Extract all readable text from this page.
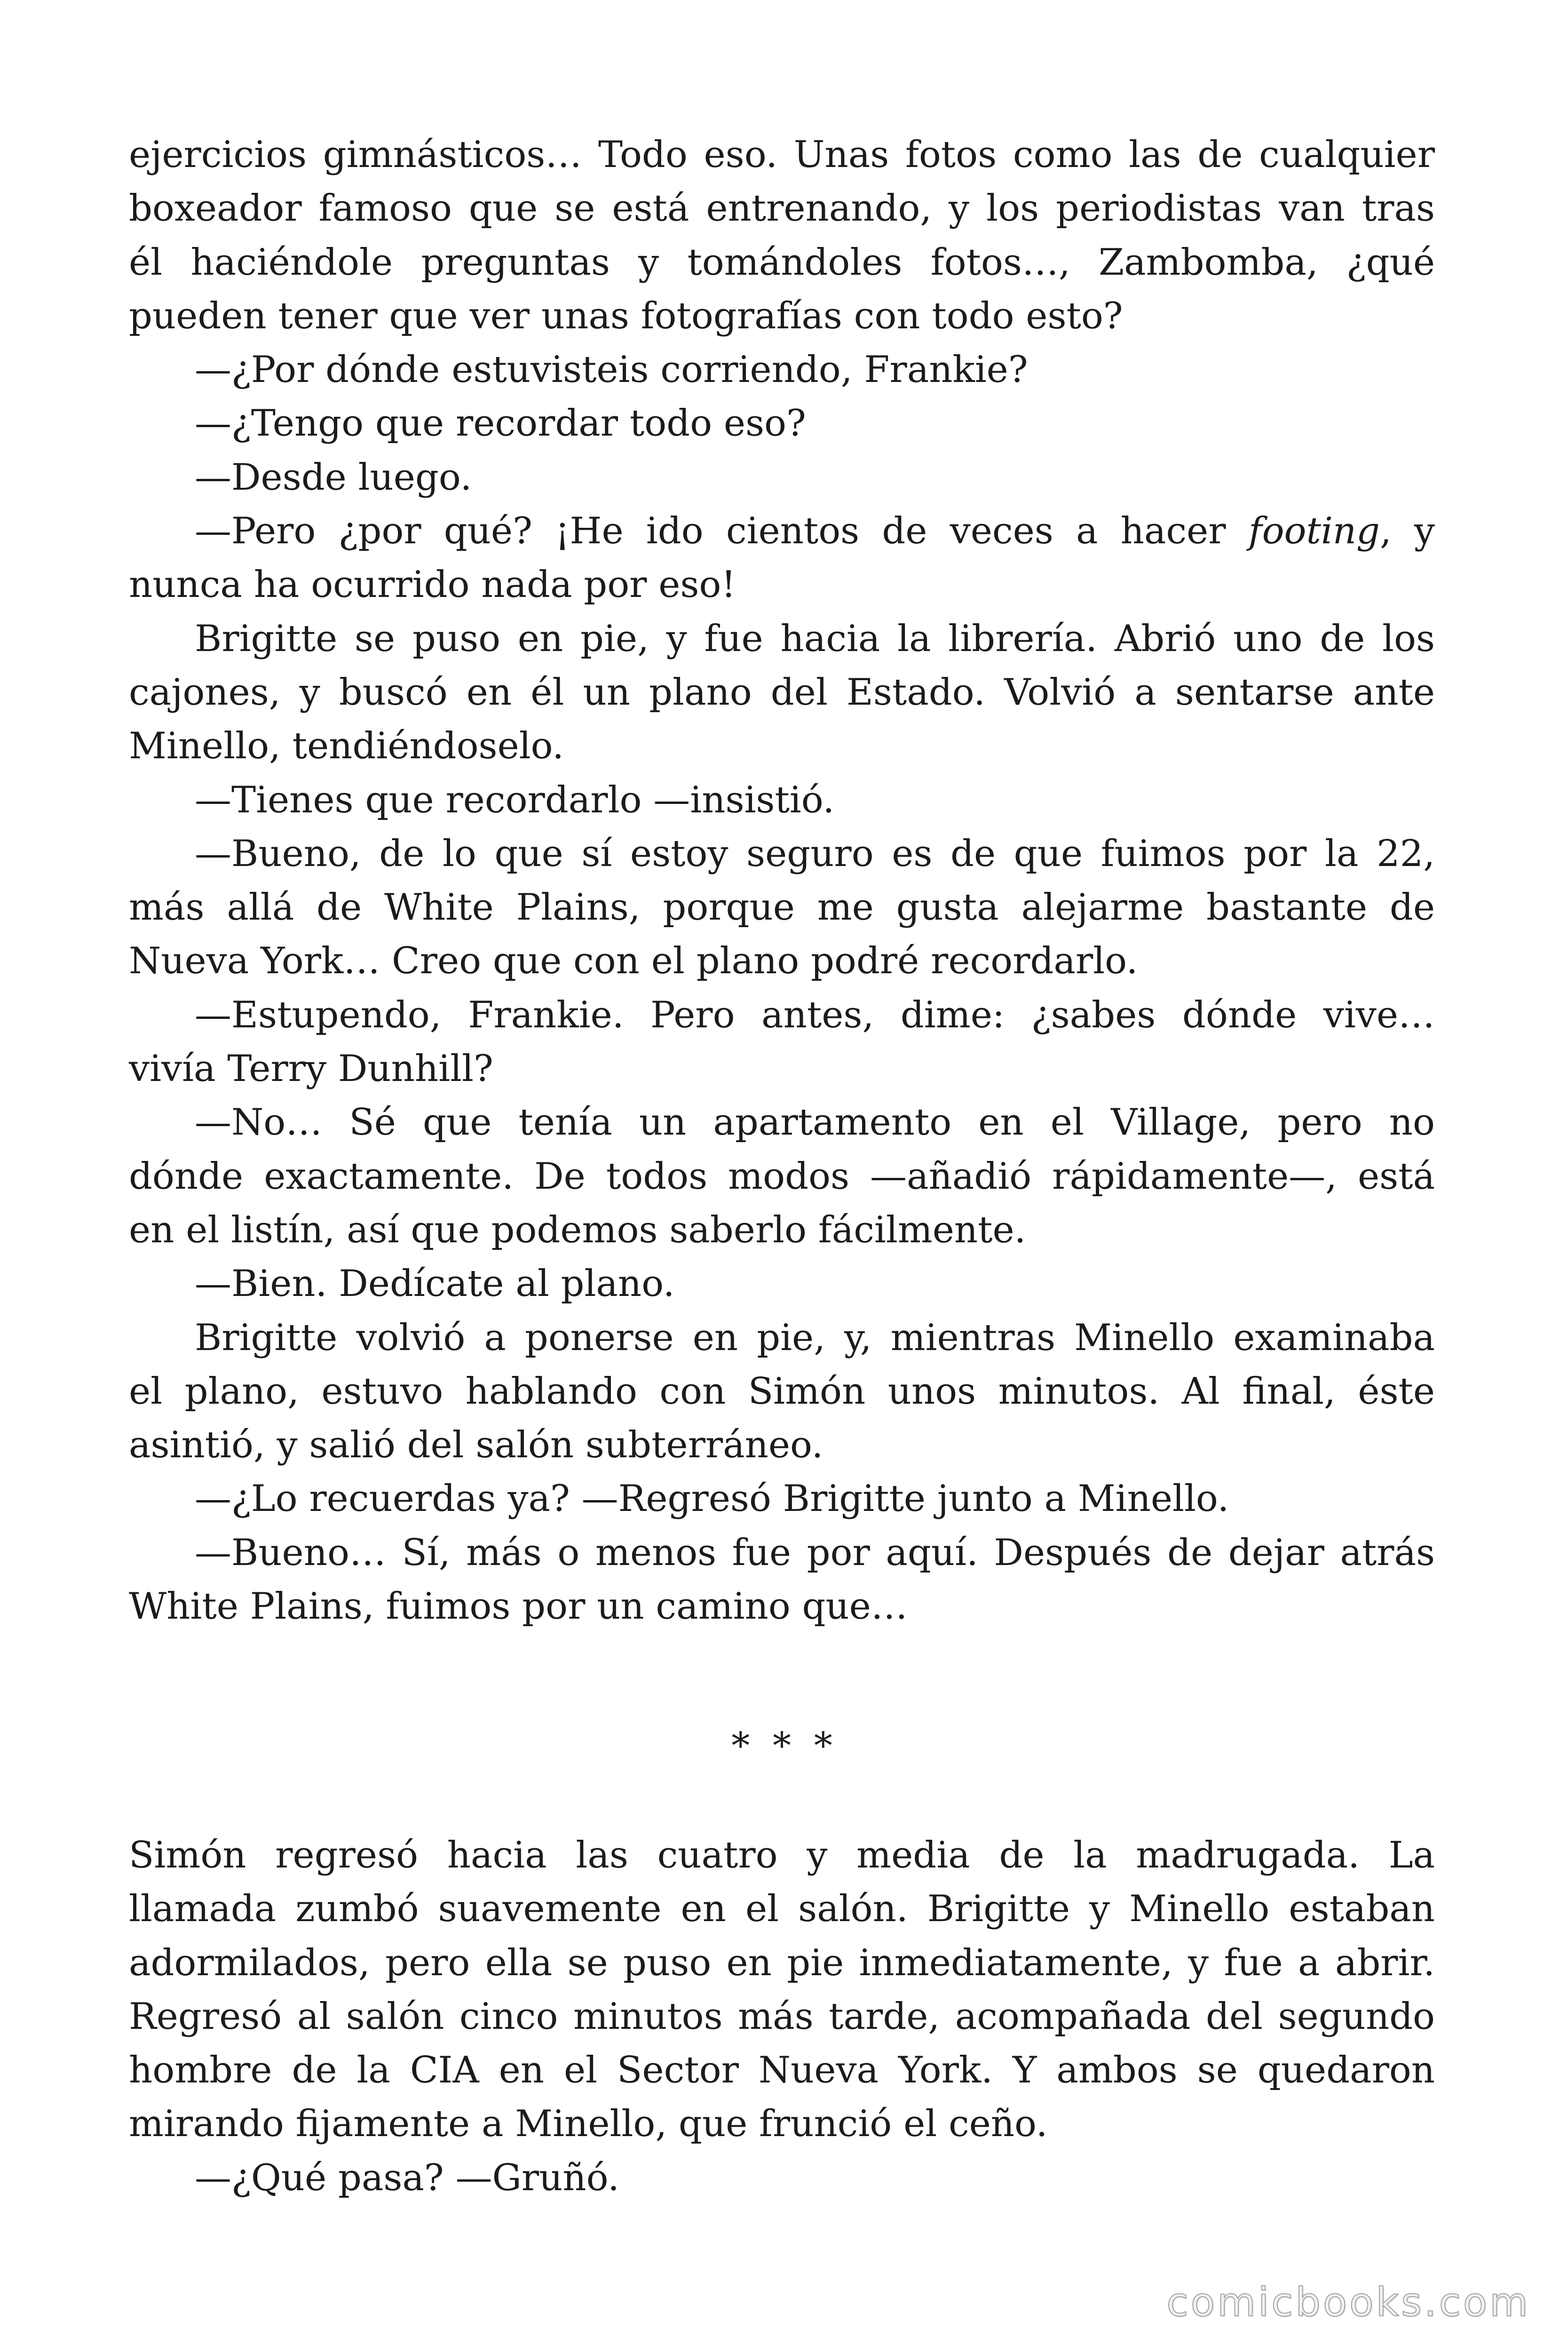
ejercicios gimnásticos… Todo eso. Unas fotos como las de cualquier
boxeador famoso que se está entrenando, y los periodistas van tras
él haciéndole preguntas y tomándoles fotos…, Zambomba, ¿qué
pueden tener que ver unas fotografías con todo esto?
—¿Por dónde estuvisteis corriendo, Frankie?
—¿Tengo que recordar todo eso?
—Desde luego.
—Pero ¿por qué? ¡He ido cientos de veces a hacer footing, y
nunca ha ocurrido nada por eso!
Brigitte se puso en pie, y fue hacia la librería. Abrió uno de los
cajones, y buscó en él un plano del Estado. Volvió a sentarse ante
Minello, tendiéndoselo.
—Tienes que recordarlo —insistió.
—Bueno, de lo que sí estoy seguro es de que fuimos por la 22,
más allá de White Plains, porque me gusta alejarme bastante de
Nueva York… Creo que con el plano podré recordarlo.
—Estupendo, Frankie. Pero antes, dime: ¿sabes dónde vive…
vivía Terry Dunhill?
—No… Sé que tenía un apartamento en el Village, pero no
dónde exactamente. De todos modos —añadió rápidamente—, está
en el listín, así que podemos saberlo fácilmente.
—Bien. Dedícate al plano.
Brigitte volvió a ponerse en pie, y, mientras Minello examinaba
el plano, estuvo hablando con Simón unos minutos. Al final, éste
asintió, y salió del salón subterráneo.
—¿Lo recuerdas ya? —Regresó Brigitte junto a Minello.
—Bueno… Sí, más o menos fue por aquí. Después de dejar atrás
White Plains, fuimos por un camino que…
* * *
Simón regresó hacia las cuatro y media de la madrugada. La
llamada zumbó suavemente en el salón. Brigitte y Minello estaban
adormilados, pero ella se puso en pie inmediatamente, y fue a abrir.
Regresó al salón cinco minutos más tarde, acompañada del segundo
hombre de la CIA en el Sector Nueva York. Y ambos se quedaron
mirando fijamente a Minello, que frunció el ceño.
—¿Qué pasa? —Gruñó.
comicbooks.com
